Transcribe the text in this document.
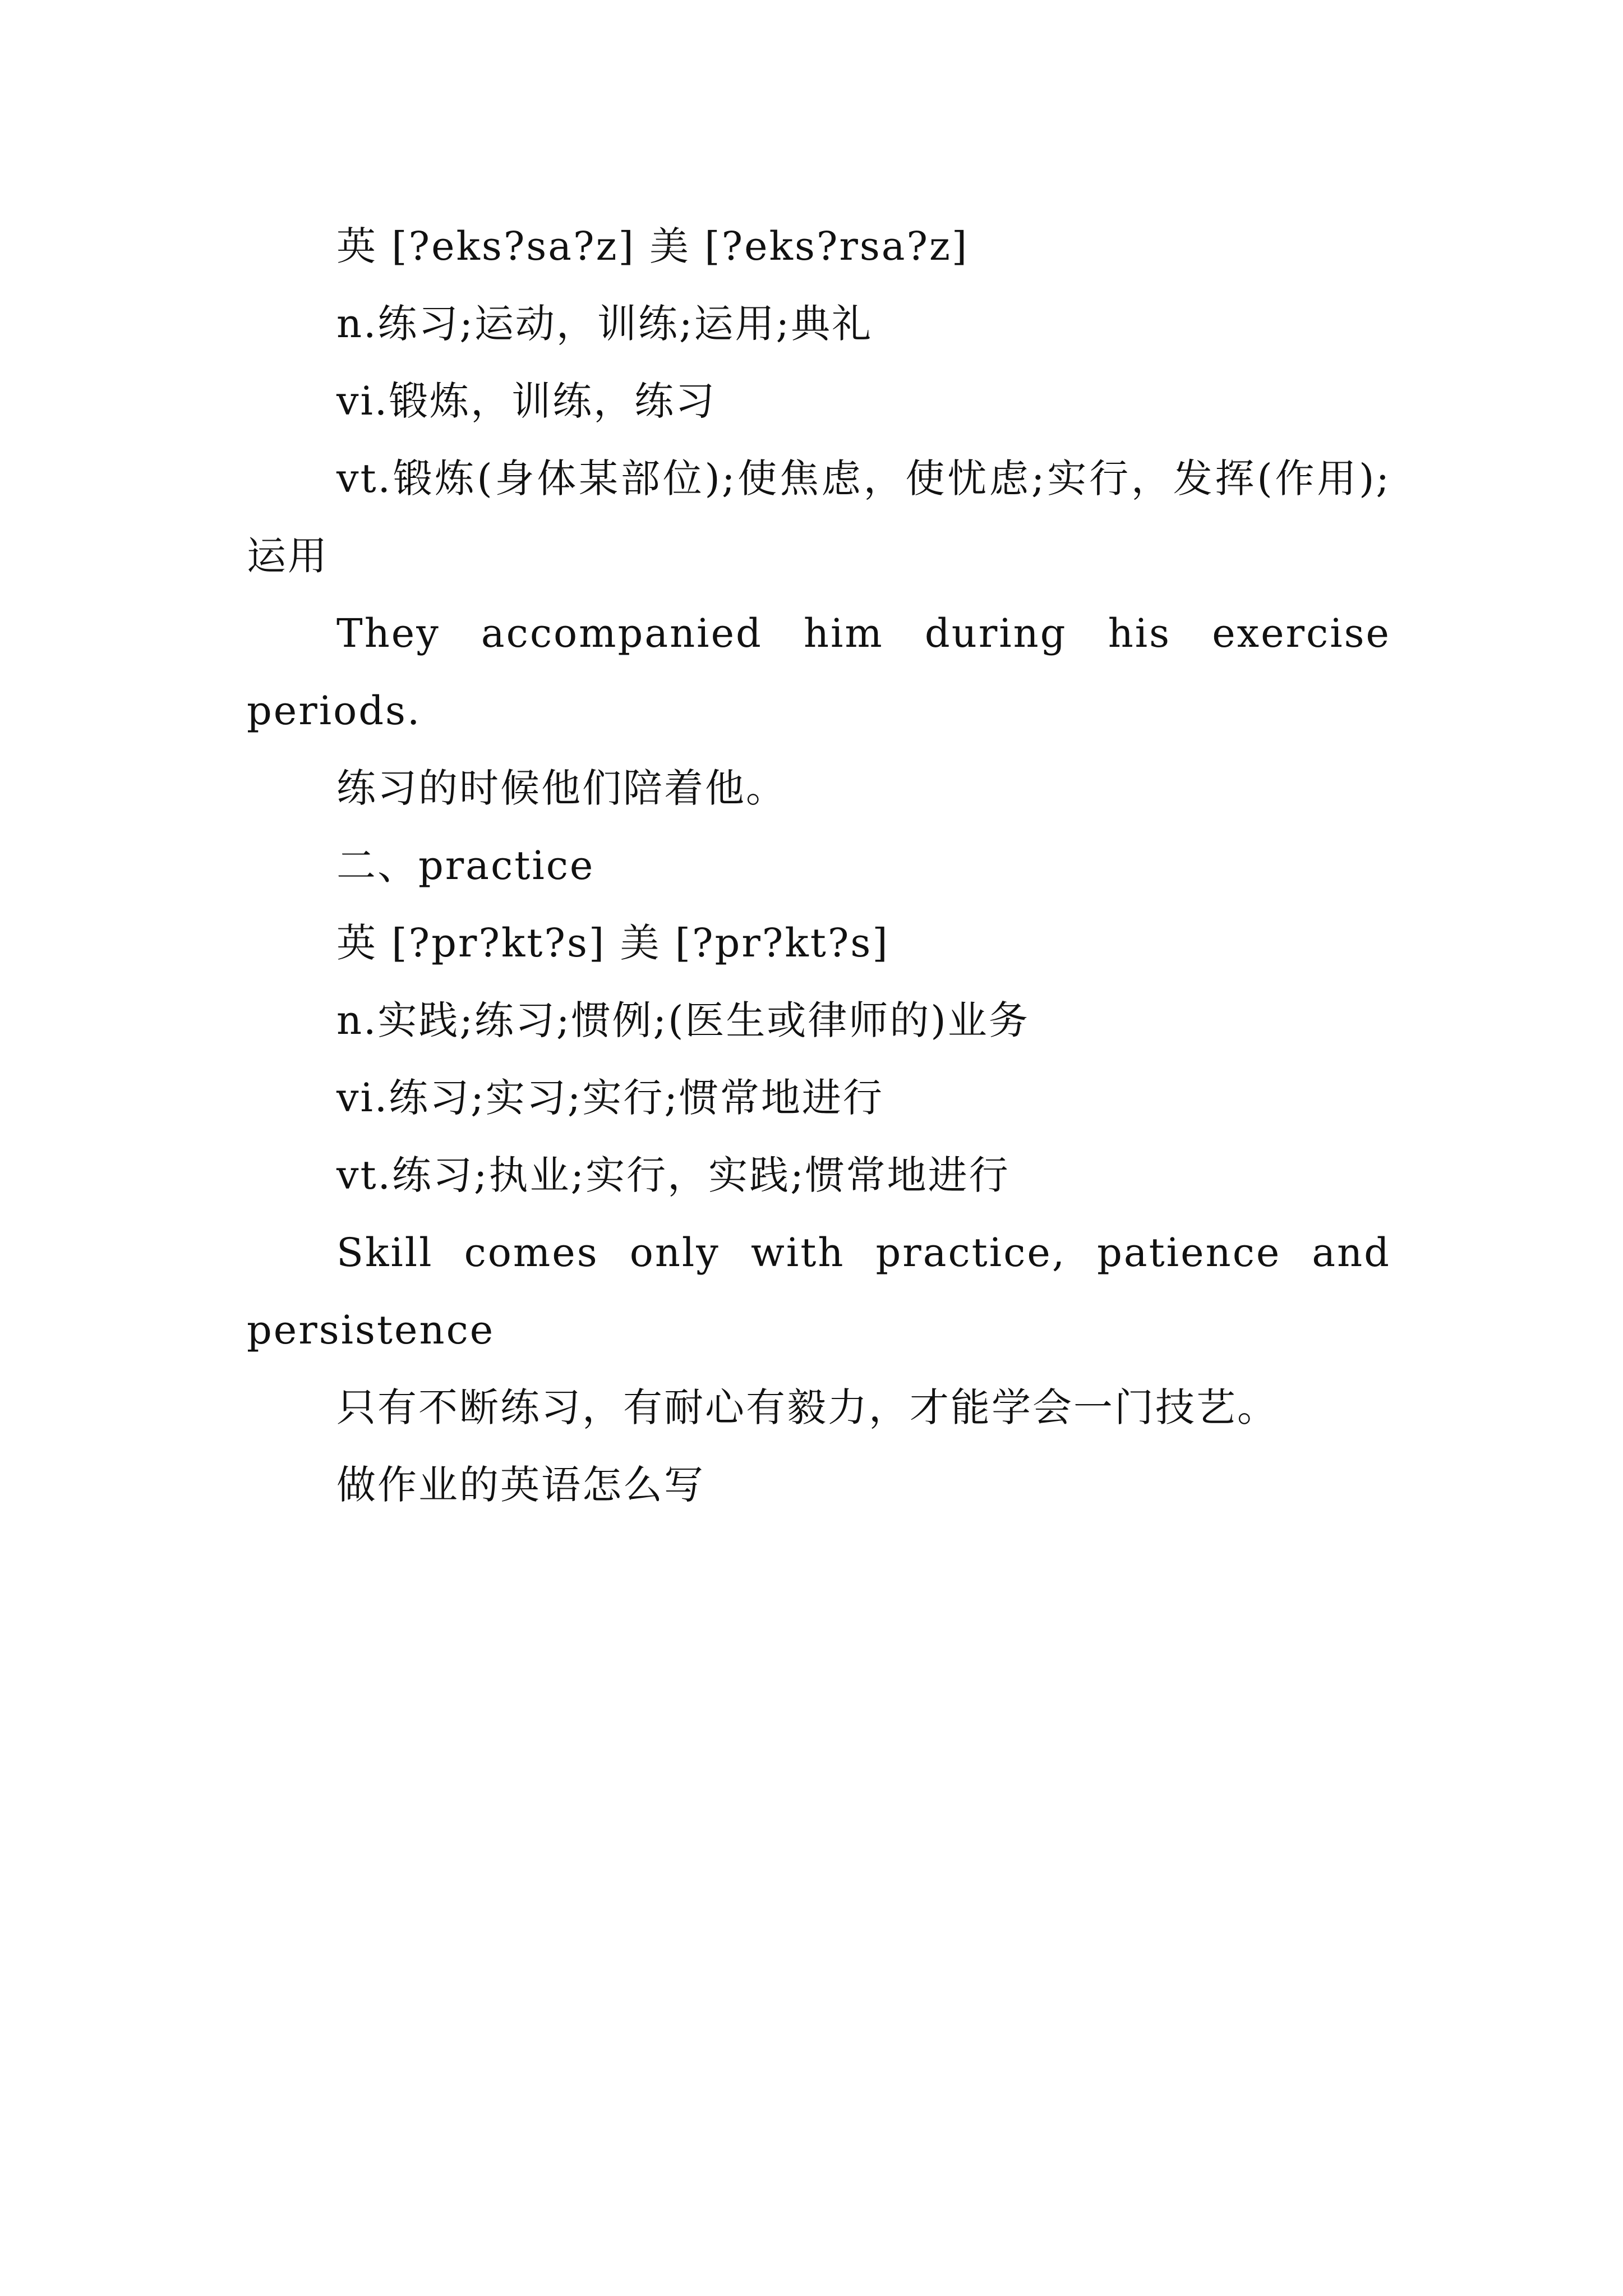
英 [?eks?sa?z] 美 [?eks?rsa?z]

n.练习;运动，训练;运用;典礼

vi.锻炼，训练，练习

vt.锻炼(身体某部位);使焦虑，使忧虑;实行，发挥(作用);运用

They accompanied him during his exercise periods.

练习的时候他们陪着他。

二、practice

英 [?pr?kt?s] 美 [?pr?kt?s]

n.实践;练习;惯例;(医生或律师的)业务

vi.练习;实习;实行;惯常地进行

vt.练习;执业;实行，实践;惯常地进行

Skill comes only with practice, patience and persistence

只有不断练习，有耐心有毅力，才能学会一门技艺。

做作业的英语怎么写
